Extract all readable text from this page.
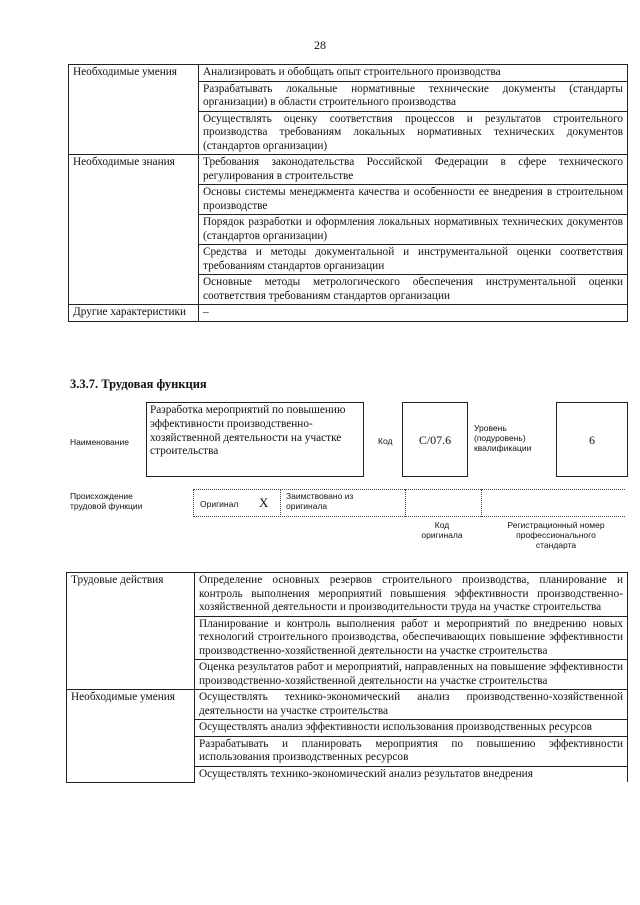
28
Необходимые умения	Анализировать и обобщать опыт строительного производства
	Разрабатывать локальные нормативные технические документы (стандарты организации) в области строительного производства
	Осуществлять оценку соответствия процессов и результатов строительного производства требованиям локальных нормативных технических документов (стандартов организации)
Необходимые знания	Требования законодательства Российской Федерации в сфере технического регулирования в строительстве
	Основы системы менеджмента качества и особенности ее внедрения в строительном производстве
	Порядок разработки и оформления локальных нормативных технических документов (стандартов организации)
	Средства и методы документальной и инструментальной оценки соответствия требованиям стандартов организации
	Основные методы метрологического обеспечения инструментальной оценки соответствия требованиям стандартов организации
Другие характеристики	–
3.3.7. Трудовая функция
Наименование
Разработка мероприятий по повышению эффективности производственно-хозяйственной деятельности на участке строительства
Код	С/07.6
Уровень (подуровень) квалификации
6
Происхождение трудовой функции	Оригинал X Заимствовано из оригинала
Код оригинала
Регистрационный номер профессионального стандарта
Трудовые действия	Определение основных резервов строительного производства, планирование и контроль выполнения мероприятий повышения эффективности производственно-хозяйственной деятельности и производительности труда на участке строительства
	Планирование и контроль выполнения работ и мероприятий по внедрению новых технологий строительного производства, обеспечивающих повышение эффективности производственно-хозяйственной деятельности на участке строительства
	Оценка результатов работ и мероприятий, направленных на повышение эффективности производственно-хозяйственной деятельности на участке строительства
Необходимые умения	Осуществлять технико-экономический анализ производственно-хозяйственной деятельности на участке строительства
	Осуществлять анализ эффективности использования производственных ресурсов
	Разрабатывать и планировать мероприятия по повышению эффективности использования производственных ресурсов
	Осуществлять технико-экономический анализ результатов внедрения
